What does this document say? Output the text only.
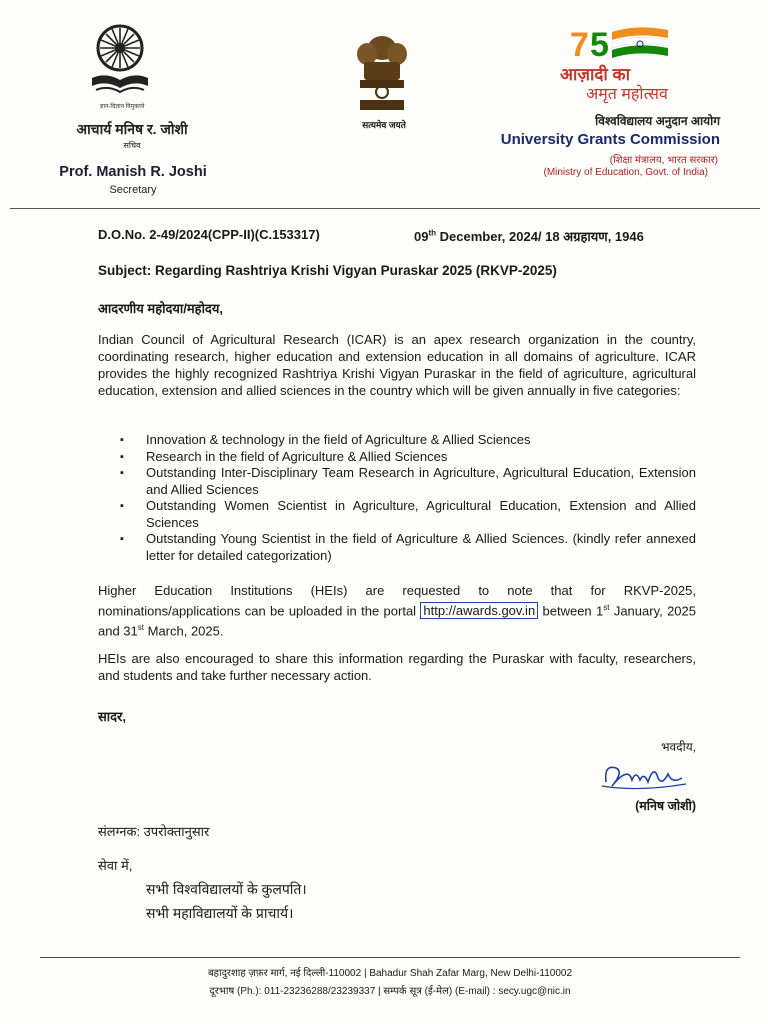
ज्ञान-विज्ञान विमुक्तये
आचार्य मनिष र. जोशी
सचिव
Prof. Manish R. Joshi
Secretary
सत्यमेव जयते
7 5
आज़ादी का
अमृत महोत्सव
विश्वविद्यालय अनुदान आयोग
University Grants Commission
(शिक्षा मंत्रालय, भारत सरकार)
(Ministry of Education, Govt. of India)
D.O.No. 2-49/2024(CPP-II)(C.153317)	09th December, 2024/ 18 अग्रहायण, 1946
Subject: Regarding Rashtriya Krishi Vigyan Puraskar 2025 (RKVP-2025)
आदरणीय महोदया/महोदय,
Indian Council of Agricultural Research (ICAR) is an apex research organization in the country, coordinating research, higher education and extension education in all domains of agriculture. ICAR provides the highly recognized Rashtriya Krishi Vigyan Puraskar in the field of agriculture, agricultural education, extension and allied sciences in the country which will be given annually in five categories:
▪ Innovation & technology in the field of Agriculture & Allied Sciences
▪ Research in the field of Agriculture & Allied Sciences
▪ Outstanding Inter-Disciplinary Team Research in Agriculture, Agricultural Education, Extension and Allied Sciences
▪ Outstanding Women Scientist in Agriculture, Agricultural Education, Extension and Allied Sciences
▪ Outstanding Young Scientist in the field of Agriculture & Allied Sciences. (kindly refer annexed letter for detailed categorization)
Higher Education Institutions (HEIs) are requested to note that for RKVP-2025, nominations/applications can be uploaded in the portal http://awards.gov.in between 1st January, 2025 and 31st March, 2025.
HEIs are also encouraged to share this information regarding the Puraskar with faculty, researchers, and students and take further necessary action.
सादर,
भवदीय,
(मनिष जोशी)
संलग्नक: उपरोक्तानुसार
सेवा में,
सभी विश्वविद्यालयों के कुलपति।
सभी महाविद्यालयों के प्राचार्य।
बहादुरशाह ज़फ़र मार्ग, नई दिल्ली-110002 | Bahadur Shah Zafar Marg, New Delhi-110002
दूरभाष (Ph.): 011-23236288/23239337 | सम्पर्क सूत्र (ई-मेल) (E-mail) : secy.ugc@nic.in
